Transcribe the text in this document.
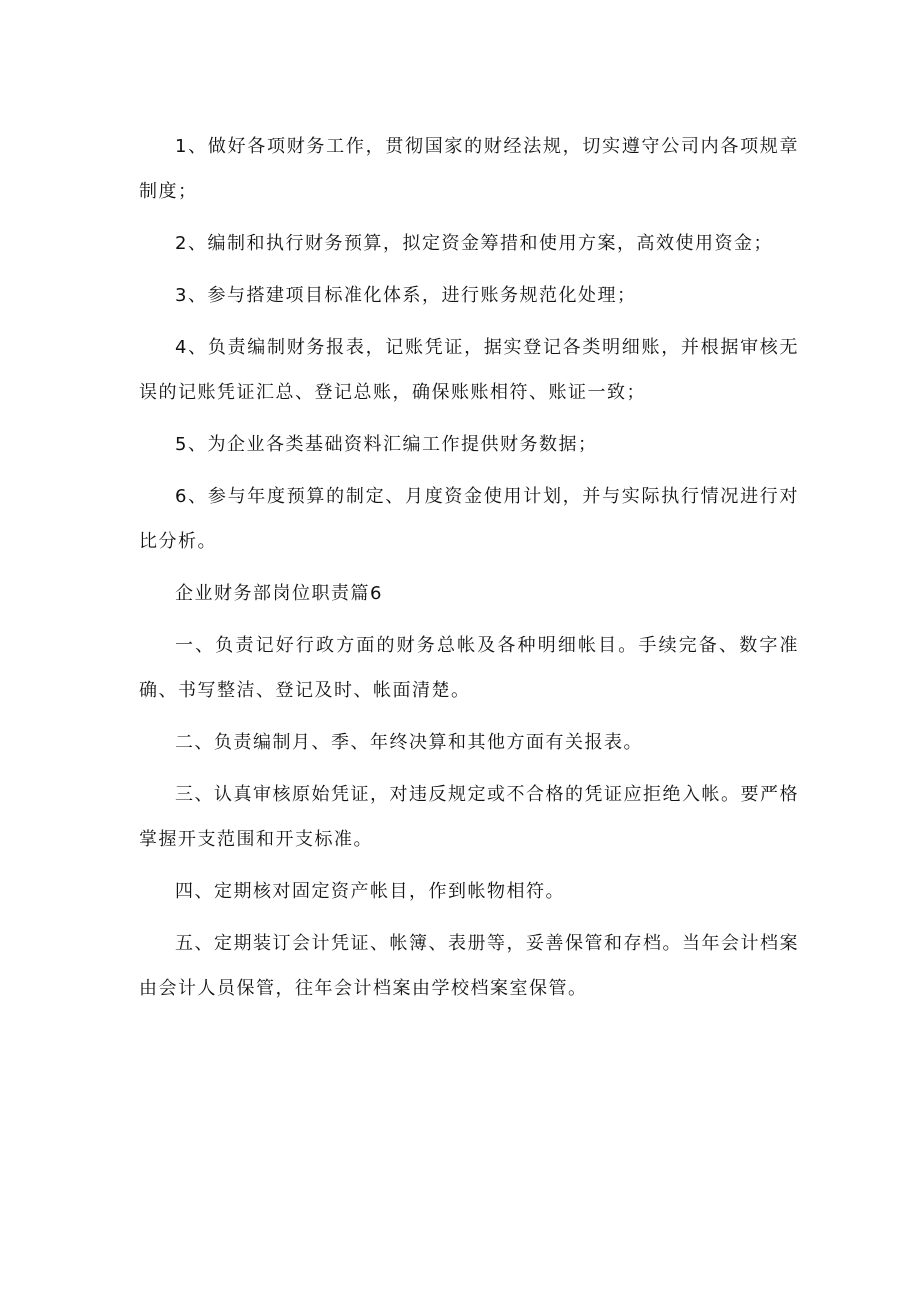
1、做好各项财务工作，贯彻国家的财经法规，切实遵守公司内各项规章制度；

2、编制和执行财务预算，拟定资金筹措和使用方案，高效使用资金；

3、参与搭建项目标准化体系，进行账务规范化处理；

4、负责编制财务报表，记账凭证，据实登记各类明细账，并根据审核无误的记账凭证汇总、登记总账，确保账账相符、账证一致；

5、为企业各类基础资料汇编工作提供财务数据；

6、参与年度预算的制定、月度资金使用计划，并与实际执行情况进行对比分析。

企业财务部岗位职责篇6

一、负责记好行政方面的财务总帐及各种明细帐目。手续完备、数字准确、书写整洁、登记及时、帐面清楚。

二、负责编制月、季、年终决算和其他方面有关报表。

三、认真审核原始凭证，对违反规定或不合格的凭证应拒绝入帐。要严格掌握开支范围和开支标准。

四、定期核对固定资产帐目，作到帐物相符。

五、定期装订会计凭证、帐簿、表册等，妥善保管和存档。当年会计档案由会计人员保管，往年会计档案由学校档案室保管。
